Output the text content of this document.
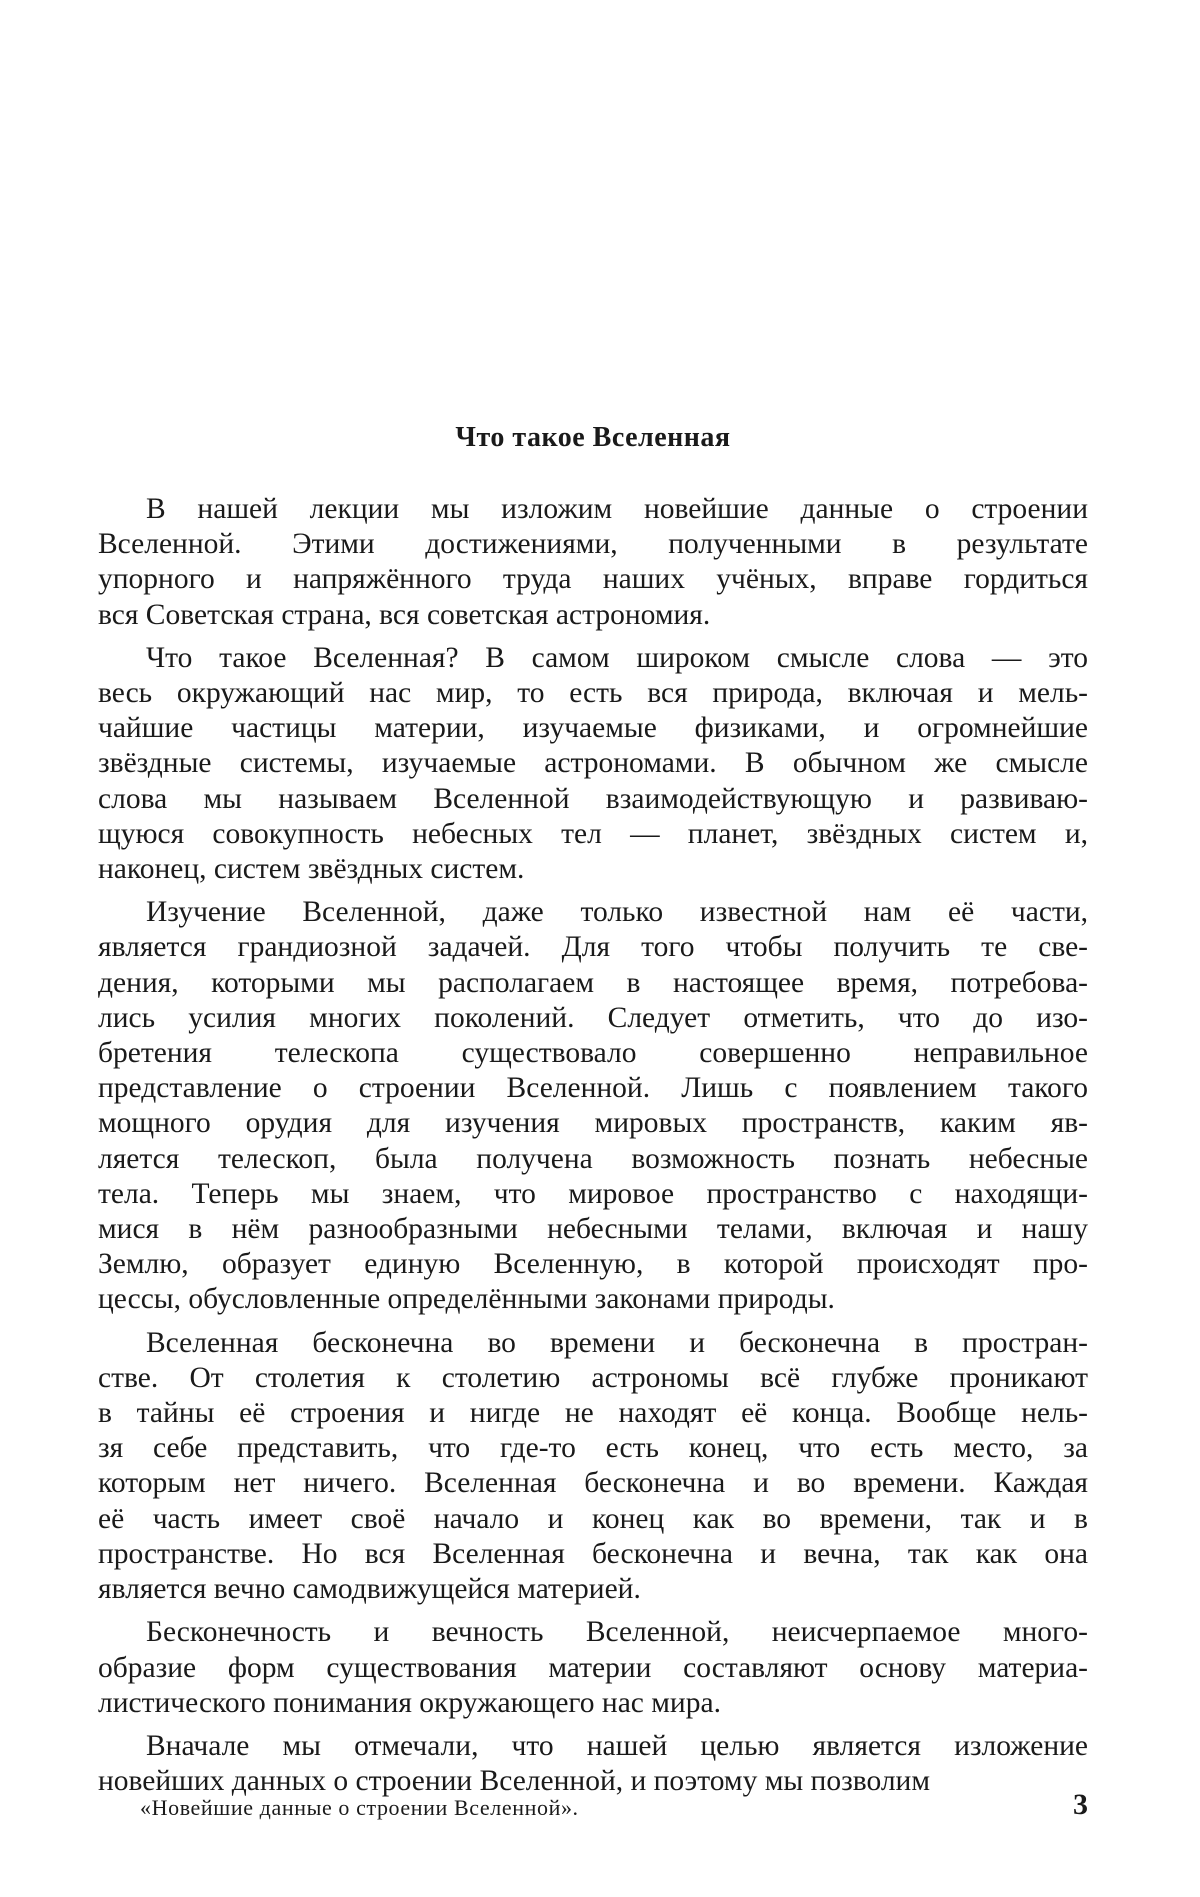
Что такое Вселенная
В нашей лекции мы изложим новейшие данные о строении
Вселенной. Этими достижениями, полученными в результате
упорного и напряжённого труда наших учёных, вправе гордиться
вся Советская страна, вся советская астрономия.
Что такое Вселенная? В самом широком смысле слова — это
весь окружающий нас мир, то есть вся природа, включая и мель-
чайшие частицы материи, изучаемые физиками, и огромнейшие
звёздные системы, изучаемые астрономами. В обычном же смысле
слова мы называем Вселенной взаимодействующую и развиваю-
щуюся совокупность небесных тел — планет, звёздных систем и,
наконец, систем звёздных систем.
Изучение Вселенной, даже только известной нам её части,
является грандиозной задачей. Для того чтобы получить те све-
дения, которыми мы располагаем в настоящее время, потребова-
лись усилия многих поколений. Следует отметить, что до изо-
бретения телескопа существовало совершенно неправильное
представление о строении Вселенной. Лишь с появлением такого
мощного орудия для изучения мировых пространств, каким яв-
ляется телескоп, была получена возможность познать небесные
тела. Теперь мы знаем, что мировое пространство с находящи-
мися в нём разнообразными небесными телами, включая и нашу
Землю, образует единую Вселенную, в которой происходят про-
цессы, обусловленные определёнными законами природы.
Вселенная бесконечна во времени и бесконечна в простран-
стве. От столетия к столетию астрономы всё глубже проникают
в тайны её строения и нигде не находят её конца. Вообще нель-
зя себе представить, что где-то есть конец, что есть место, за
которым нет ничего. Вселенная бесконечна и во времени. Каждая
её часть имеет своё начало и конец как во времени, так и в
пространстве. Но вся Вселенная бесконечна и вечна, так как она
является вечно самодвижущейся материей.
Бесконечность и вечность Вселенной, неисчерпаемое много-
образие форм существования материи составляют основу материа-
листического понимания окружающего нас мира.
Вначале мы отмечали, что нашей целью является изложение
новейших данных о строении Вселенной, и поэтому мы позволим
«Новейшие данные о строении Вселенной».	3
